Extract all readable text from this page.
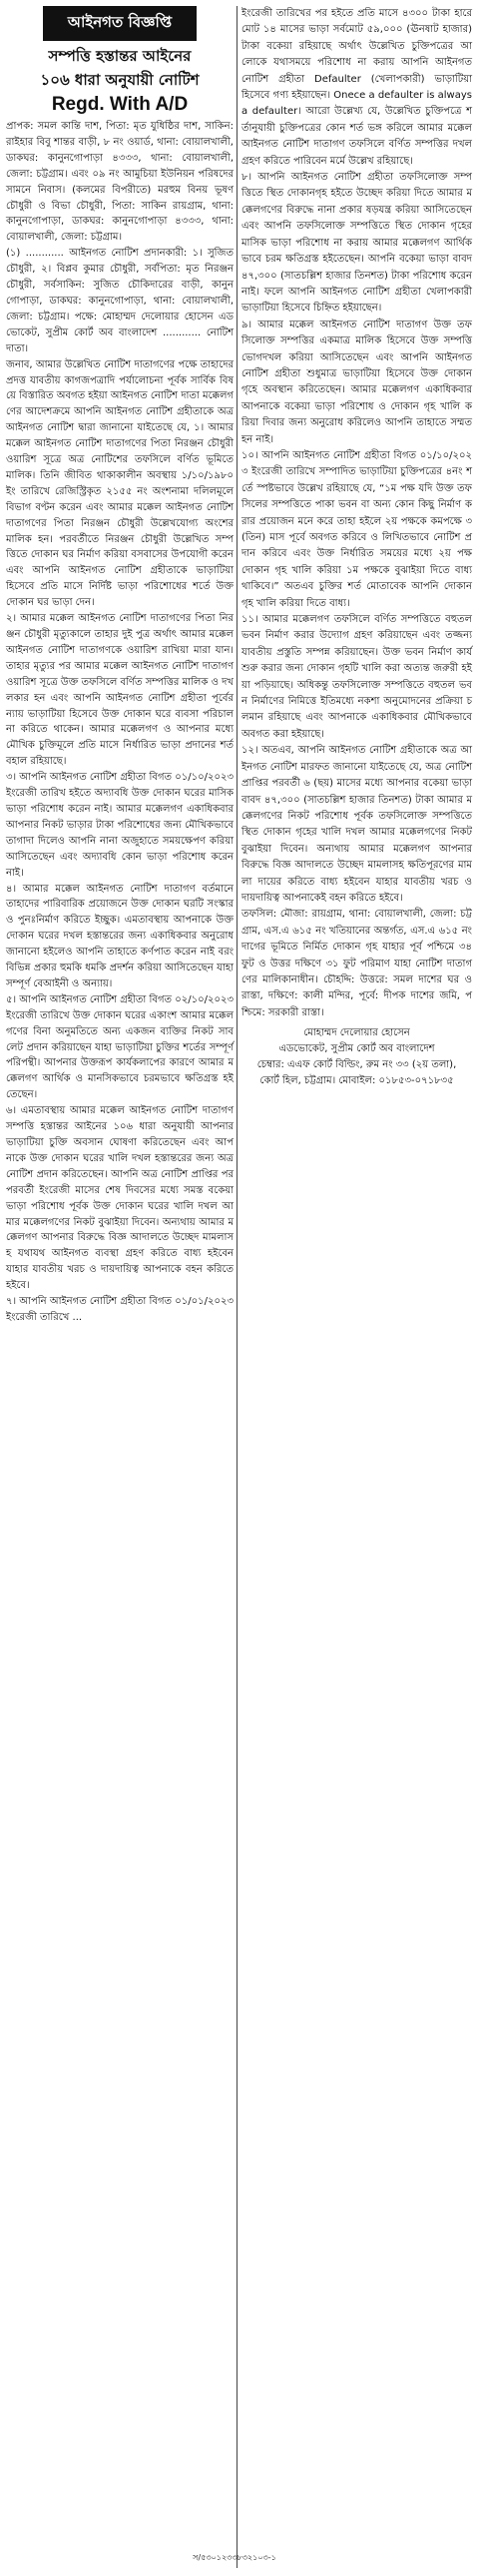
আইনগত বিজ্ঞপ্তি
সম্পত্তি হস্তান্তর আইনের
১০৬ ধারা অনুযায়ী নোটিশ
Regd. With A/D

প্রাপক: সমল কান্তি দাশ, পিতা: মৃত যুধিষ্ঠির দাশ, সাকিন: রাইহার বিবু শান্তর বাড়ী, ৮ নং ওয়ার্ড, থানা: বোয়ালখালী, ডাকঘর: কানুনগোপাড়া ৪৩৩৩, থানা: বোয়ালখালী, জেলা: চট্টগ্রাম। এবং ০৯ নং আমুচিয়া ইউনিয়ন পরিষদের সামনে নিবাস। (কলমের বিপরীতে) মরহুম বিনয় ভূষণ চৌধুরী ও বিভা চৌধুরী, পিতা: সাকিন রায়গ্রাম, থানা: কানুনগোপাড়া, ডাকঘর: কানুনগোপাড়া ৪৩৩৩, থানা: বোয়ালখালী, জেলা: চট্টগ্রাম।
(১) ............ আইনগত নোটিশ প্রদানকারী: ১। সুজিত চৌধুরী, ২। বিপ্লব কুমার চৌধুরী, সর্বপিতা: মৃত নিরঞ্জন চৌধুরী, সর্বসাকিন: সুজিত চৌকিদারের বাড়ী, কানুনগোপাড়া, ডাকঘর: কানুনগোপাড়া, থানা: বোয়ালখালী, জেলা: চট্টগ্রাম। পক্ষে: মোহাম্মদ দেলোয়ার হোসেন এডভোকেট, সুপ্রীম কোর্ট অব বাংলাদেশ ............ নোটিশ দাতা।
জনাব, আমার উল্লেখিত নোটিশ দাতাগণের পক্ষে তাহাদের প্রদত্ত যাবতীয় কাগজপত্রাদি পর্যালোচনা পূর্বক সার্বিক বিষয়ে বিস্তারিত অবগত হইয়া আইনগত নোটিশ দাতা মক্কেলগণের আদেশক্রমে আপনি আইনগত নোটিশ গ্রহীতাকে অত্র আইনগত নোটিশ দ্বারা জানানো যাইতেছে যে, ১। আমার মক্কেল আইনগত নোটিশ দাতাগণের পিতা নিরঞ্জন চৌধুরী ওয়ারিশ সূত্রে অত্র নোটিশের তফসিলে বর্ণিত ভূমিতে মালিক। তিনি জীবিত থাকাকালীন অবস্থায় ১/১০/১৯৮০ ইং তারিখে রেজিস্ট্রিকৃত ২১৫৫ নং অংশনামা দলিলমূলে বিভাগ বণ্টন করেন এবং আমার মক্কেল আইনগত নোটিশ দাতাগণের পিতা নিরঞ্জন চৌধুরী উল্লেখযোগ্য অংশের মালিক হন। পরবর্তীতে নিরঞ্জন চৌধুরী উল্লেখিত সম্পত্তিতে দোকান ঘর নির্মাণ করিয়া বসবাসের উপযোগী করেন এবং আপনি আইনগত নোটিশ গ্রহীতাকে ভাড়াটিয়া হিসেবে প্রতি মাসে নির্দিষ্ট ভাড়া পরিশোধের শর্তে উক্ত দোকান ঘর ভাড়া দেন।
২। আমার মক্কেল আইনগত নোটিশ দাতাগণের পিতা নিরঞ্জন চৌধুরী মৃত্যুকালে তাহার দুই পুত্র অর্থাৎ আমার মক্কেল আইনগত নোটিশ দাতাগণকে ওয়ারিশ রাখিয়া মারা যান। তাহার মৃত্যুর পর আমার মক্কেল আইনগত নোটিশ দাতাগণ ওয়ারিশ সূত্রে উক্ত তফসিলে বর্ণিত সম্পত্তির মালিক ও দখলকার হন এবং আপনি আইনগত নোটিশ গ্রহীতা পূর্বের ন্যায় ভাড়াটিয়া হিসেবে উক্ত দোকান ঘরে ব্যবসা পরিচালনা করিতে থাকেন। আমার মক্কেলগণ ও আপনার মধ্যে মৌখিক চুক্তিমূলে প্রতি মাসে নির্ধারিত ভাড়া প্রদানের শর্ত বহাল রহিয়াছে।
৩। আপনি আইনগত নোটিশ গ্রহীতা বিগত ০১/১০/২০২৩ ইংরেজী তারিখ হইতে অদ্যাবধি উক্ত দোকান ঘরের মাসিক ভাড়া পরিশোধ করেন নাই। আমার মক্কেলগণ একাধিকবার আপনার নিকট ভাড়ার টাকা পরিশোধের জন্য মৌখিকভাবে তাগাদা দিলেও আপনি নানা অজুহাতে সময়ক্ষেপণ করিয়া আসিতেছেন এবং অদ্যাবধি কোন ভাড়া পরিশোধ করেন নাই।
৪। আমার মক্কেল আইনগত নোটিশ দাতাগণ বর্তমানে তাহাদের পারিবারিক প্রয়োজনে উক্ত দোকান ঘরটি সংস্কার ও পুনঃনির্মাণ করিতে ইচ্ছুক। এমতাবস্থায় আপনাকে উক্ত দোকান ঘরের দখল হস্তান্তরের জন্য একাধিকবার অনুরোধ জানানো হইলেও আপনি তাহাতে কর্ণপাত করেন নাই বরং বিভিন্ন প্রকার হুমকি ধমকি প্রদর্শন করিয়া আসিতেছেন যাহা সম্পূর্ণ বেআইনী ও অন্যায়।
৫। আপনি আইনগত নোটিশ গ্রহীতা বিগত ০২/১০/২০২৩ ইংরেজী তারিখে উক্ত দোকান ঘরের একাংশ আমার মক্কেলগণের বিনা অনুমতিতে অন্য একজন ব্যক্তির নিকট সাবলেট প্রদান করিয়াছেন যাহা ভাড়াটিয়া চুক্তির শর্তের সম্পূর্ণ পরিপন্থী। আপনার উক্তরূপ কার্যকলাপের কারণে আমার মক্কেলগণ আর্থিক ও মানসিকভাবে চরমভাবে ক্ষতিগ্রস্ত হইতেছেন।
৬। এমতাবস্থায় আমার মক্কেল আইনগত নোটিশ দাতাগণ সম্পত্তি হস্তান্তর আইনের ১০৬ ধারা অনুযায়ী আপনার ভাড়াটিয়া চুক্তি অবসান ঘোষণা করিতেছেন এবং আপনাকে উক্ত দোকান ঘরের খালি দখল হস্তান্তরের জন্য অত্র নোটিশ প্রদান করিতেছেন। আপনি অত্র নোটিশ প্রাপ্তির পর পরবর্তী ইংরেজী মাসের শেষ দিবসের মধ্যে সমস্ত বকেয়া ভাড়া পরিশোধ পূর্বক উক্ত দোকান ঘরের খালি দখল আমার মক্কেলগণের নিকট বুঝাইয়া দিবেন। অন্যথায় আমার মক্কেলগণ আপনার বিরুদ্ধে বিজ্ঞ আদালতে উচ্ছেদ মামলাসহ যথাযথ আইনগত ব্যবস্থা গ্রহণ করিতে বাধ্য হইবেন যাহার যাবতীয় খরচ ও দায়দায়িত্ব আপনাকে বহন করিতে হইবে।
৭। আপনি আইনগত নোটিশ গ্রহীতা বিগত ০১/০১/২০২৩ ইংরেজী তারিখে ...

ইংরেজী তারিখের পর হইতে প্রতি মাসে ৪৩০০ টাকা হারে মোট ১৪ মাসের ভাড়া সর্বমোট ৫৯,০০০ (ঊনষাট হাজার) টাকা বকেয়া রহিয়াছে অর্থাৎ উল্লেখিত চুক্তিপত্রের আলোকে যথাসময়ে পরিশোধ না করায় আপনি আইনগত নোটিশ গ্রহীতা Defaulter (খেলাপকারী) ভাড়াটিয়া হিসেবে গণ্য হইয়াছেন। Onece a defaulter is always a defaulter। আরো উল্লেখ্য যে, উল্লেখিত চুক্তিপত্রে শর্তানুযায়ী চুক্তিপত্রের কোন শর্ত ভঙ্গ করিলে আমার মক্কেল আইনগত নোটিশ দাতাগণ তফসিলে বর্ণিত সম্পত্তির দখল গ্রহণ করিতে পারিবেন মর্মে উল্লেখ রহিয়াছে।
৮। আপনি আইনগত নোটিশ গ্রহীতা তফসিলোক্ত সম্পত্তিতে স্থিত দোকানগৃহ হইতে উচ্ছেদ করিয়া দিতে আমার মক্কেলগণের বিরুদ্ধে নানা প্রকার ষড়যন্ত্র করিয়া আসিতেছেন এবং আপনি তফসিলোক্ত সম্পত্তিতে স্থিত দোকান গৃহের মাসিক ভাড়া পরিশোধ না করায় আমার মক্কেলগণ আর্থিকভাবে চরম ক্ষতিগ্রস্ত হইতেছেন। আপনি বকেয়া ভাড়া বাবদ ৪৭,৩০০ (সাতচল্লিশ হাজার তিনশত) টাকা পরিশোধ করেন নাই। ফলে আপনি আইনগত নোটিশ গ্রহীতা খেলাপকারী ভাড়াটিয়া হিসেবে চিহ্নিত হইয়াছেন।
৯। আমার মক্কেল আইনগত নোটিশ দাতাগণ উক্ত তফসিলোক্ত সম্পত্তির একমাত্র মালিক হিসেবে উক্ত সম্পত্তি ভোগদখল করিয়া আসিতেছেন এবং আপনি আইনগত নোটিশ গ্রহীতা শুধুমাত্র ভাড়াটিয়া হিসেবে উক্ত দোকান গৃহে অবস্থান করিতেছেন। আমার মক্কেলগণ একাধিকবার আপনাকে বকেয়া ভাড়া পরিশোধ ও দোকান গৃহ খালি করিয়া দিবার জন্য অনুরোধ করিলেও আপনি তাহাতে সম্মত হন নাই।
১০। আপনি আইনগত নোটিশ গ্রহীতা বিগত ০১/১০/২০২৩ ইংরেজী তারিখে সম্পাদিত ভাড়াটিয়া চুক্তিপত্রের ৪নং শর্তে স্পষ্টভাবে উল্লেখ রহিয়াছে যে, “১ম পক্ষ যদি উক্ত তফসিলের সম্পত্তিতে পাকা ভবন বা অন্য কোন কিছু নির্মাণ করার প্রয়োজন মনে করে তাহা হইলে ২য় পক্ষকে কমপক্ষে ৩ (তিন) মাস পূর্বে অবগত করিবে ও লিখিতভাবে নোটিশ প্রদান করিবে এবং উক্ত নির্ধারিত সময়ের মধ্যে ২য় পক্ষ দোকান গৃহ খালি করিয়া ১ম পক্ষকে বুঝাইয়া দিতে বাধ্য থাকিবে।” অতএব চুক্তির শর্ত মোতাবেক আপনি দোকান গৃহ খালি করিয়া দিতে বাধ্য।
১১। আমার মক্কেলগণ তফসিলে বর্ণিত সম্পত্তিতে বহুতল ভবন নির্মাণ করার উদ্যোগ গ্রহণ করিয়াছেন এবং তজ্জন্য যাবতীয় প্রস্তুতি সম্পন্ন করিয়াছেন। উক্ত ভবন নির্মাণ কার্য শুরু করার জন্য দোকান গৃহটি খালি করা অত্যন্ত জরুরী হইয়া পড়িয়াছে। অধিকন্তু তফসিলোক্ত সম্পত্তিতে বহুতল ভবন নির্মাণের নিমিত্তে ইতিমধ্যে নকশা অনুমোদনের প্রক্রিয়া চলমান রহিয়াছে এবং আপনাকে একাধিকবার মৌখিকভাবে অবগত করা হইয়াছে।
১২। অতএব, আপনি আইনগত নোটিশ গ্রহীতাকে অত্র আইনগত নোটিশ মারফত জানানো যাইতেছে যে, অত্র নোটিশ প্রাপ্তির পরবর্তী ৬ (ছয়) মাসের মধ্যে আপনার বকেয়া ভাড়া বাবদ ৪৭,৩০০ (সাতচল্লিশ হাজার তিনশত) টাকা আমার মক্কেলগণের নিকট পরিশোধ পূর্বক তফসিলোক্ত সম্পত্তিতে স্থিত দোকান গৃহের খালি দখল আমার মক্কেলগণের নিকট বুঝাইয়া দিবেন। অন্যথায় আমার মক্কেলগণ আপনার বিরুদ্ধে বিজ্ঞ আদালতে উচ্ছেদ মামলাসহ ক্ষতিপূরণের মামলা দায়ের করিতে বাধ্য হইবেন যাহার যাবতীয় খরচ ও দায়দায়িত্ব আপনাকেই বহন করিতে হইবে।
তফসিল: মৌজা: রায়গ্রাম, থানা: বোয়ালখালী, জেলা: চট্টগ্রাম, এস.এ ৬১৫ নং খতিয়ানের অন্তর্গত, এস.এ ৬১৫ নং দাগের ভূমিতে নির্মিত দোকান গৃহ যাহার পূর্ব পশ্চিমে ৩৪ ফুট ও উত্তর দক্ষিণে ৩১ ফুট পরিমাণ যাহা নোটিশ দাতাগণের মালিকানাধীন। চৌহদ্দি: উত্তরে: সমল দাশের ঘর ও রাস্তা, দক্ষিণে: কালী মন্দির, পূর্বে: দীপক দাশের জমি, পশ্চিমে: সরকারী রাস্তা।

মোহাম্মদ দেলোয়ার হোসেন
এডভোকেট, সুপ্রীম কোর্ট অব বাংলাদেশ
চেম্বার: এএফ কোর্ট বিল্ডিং, রুম নং ৩৩ (২য় তলা),
কোর্ট হিল, চট্টগ্রাম। মোবাইল: ০১৮৫৩-০৭১৮৩৫
স/৫৩০১২৩৩৮৩২১০৩-১
